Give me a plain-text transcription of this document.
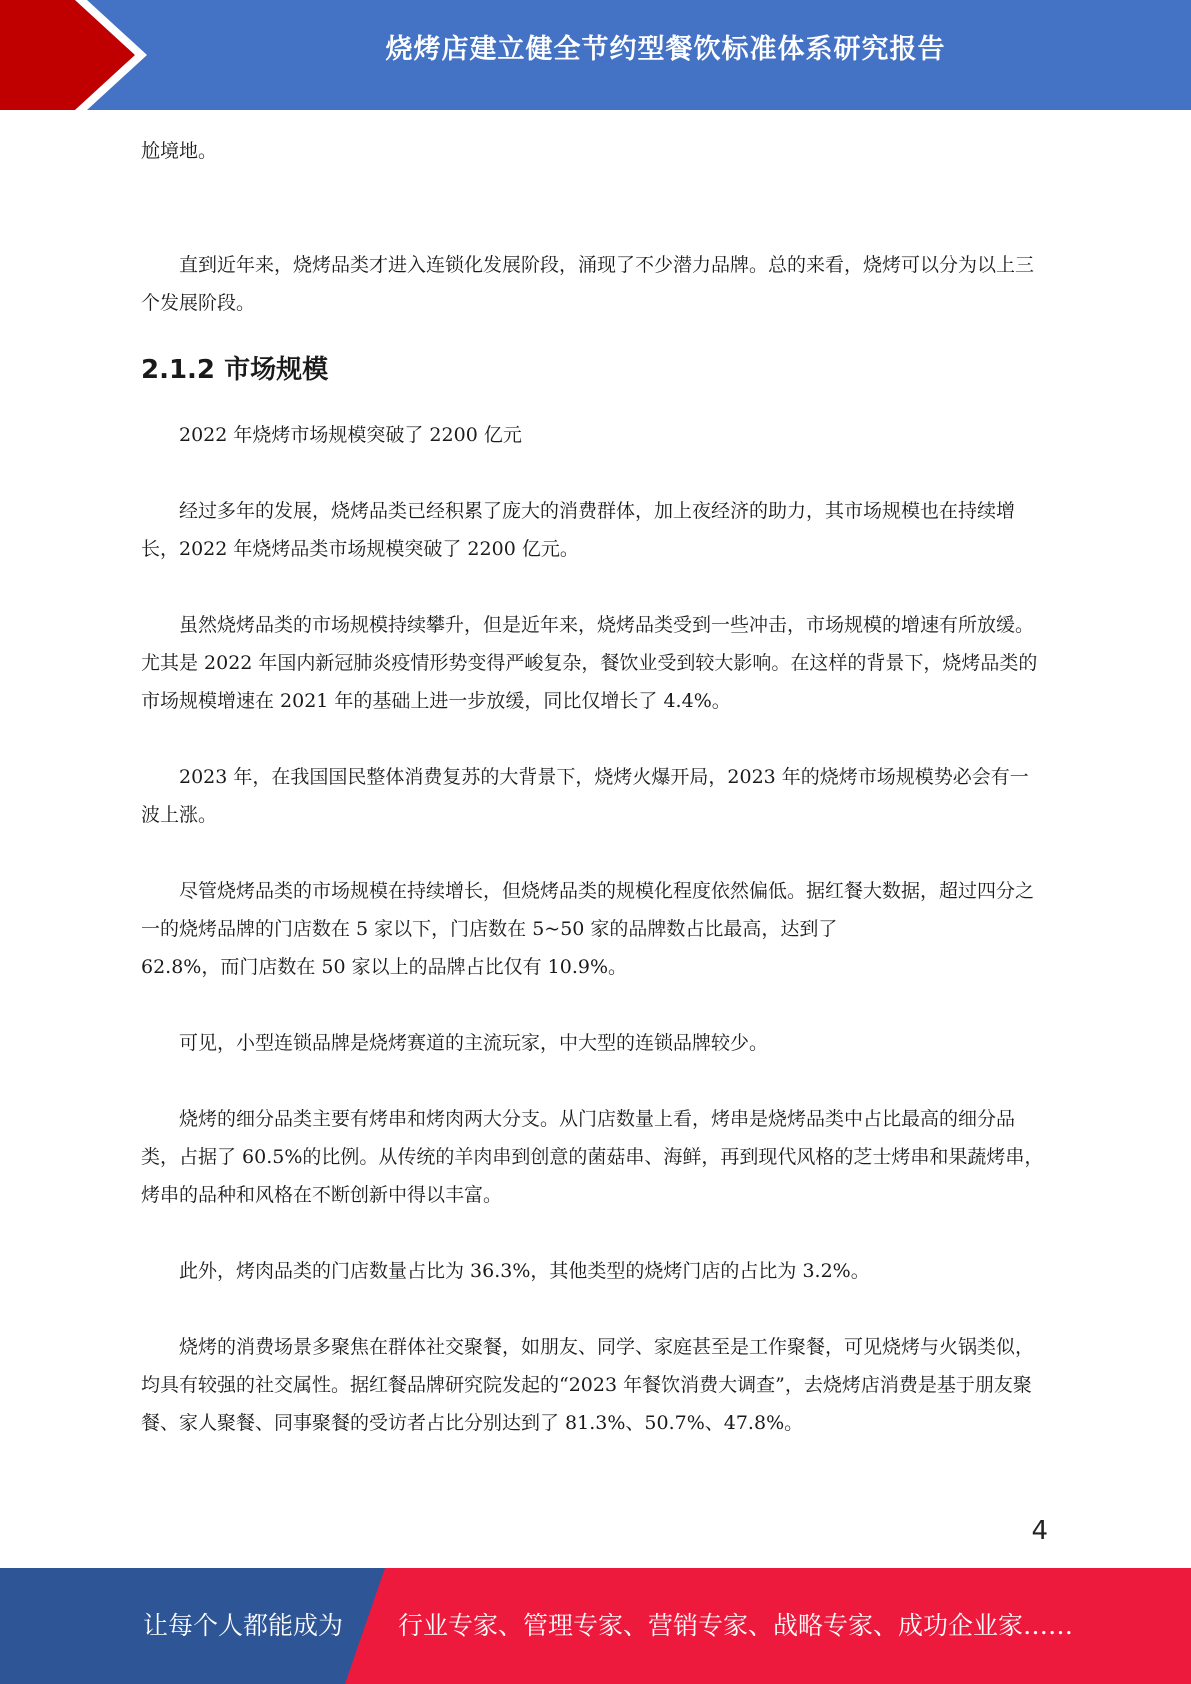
烧烤店建立健全节约型餐饮标准体系研究报告

尬境地。

直到近年来，烧烤品类才进入连锁化发展阶段，涌现了不少潜力品牌。总的来看，烧烤可以分为以上三个发展阶段。

2.1.2 市场规模

2022 年烧烤市场规模突破了 2200 亿元

经过多年的发展，烧烤品类已经积累了庞大的消费群体，加上夜经济的助力，其市场规模也在持续增长，2022 年烧烤品类市场规模突破了 2200 亿元。

虽然烧烤品类的市场规模持续攀升，但是近年来，烧烤品类受到一些冲击，市场规模的增速有所放缓。尤其是 2022 年国内新冠肺炎疫情形势变得严峻复杂，餐饮业受到较大影响。在这样的背景下，烧烤品类的市场规模增速在 2021 年的基础上进一步放缓，同比仅增长了 4.4%。

2023 年，在我国国民整体消费复苏的大背景下，烧烤火爆开局，2023 年的烧烤市场规模势必会有一波上涨。

尽管烧烤品类的市场规模在持续增长，但烧烤品类的规模化程度依然偏低。据红餐大数据，超过四分之一的烧烤品牌的门店数在 5 家以下，门店数在 5~50 家的品牌数占比最高，达到了

62.8%，而门店数在 50 家以上的品牌占比仅有 10.9%。

可见，小型连锁品牌是烧烤赛道的主流玩家，中大型的连锁品牌较少。

烧烤的细分品类主要有烤串和烤肉两大分支。从门店数量上看，烤串是烧烤品类中占比最高的细分品类，占据了 60.5%的比例。从传统的羊肉串到创意的菌菇串、海鲜，再到现代风格的芝士烤串和果蔬烤串，烤串的品种和风格在不断创新中得以丰富。

此外，烤肉品类的门店数量占比为 36.3%，其他类型的烧烤门店的占比为 3.2%。

烧烤的消费场景多聚焦在群体社交聚餐，如朋友、同学、家庭甚至是工作聚餐，可见烧烤与火锅类似，均具有较强的社交属性。据红餐品牌研究院发起的“2023 年餐饮消费大调查”，去烧烤店消费是基于朋友聚餐、家人聚餐、同事聚餐的受访者占比分别达到了 81.3%、50.7%、47.8%。

4
让每个人都能成为 行业专家、管理专家、营销专家、战略专家、成功企业家……
